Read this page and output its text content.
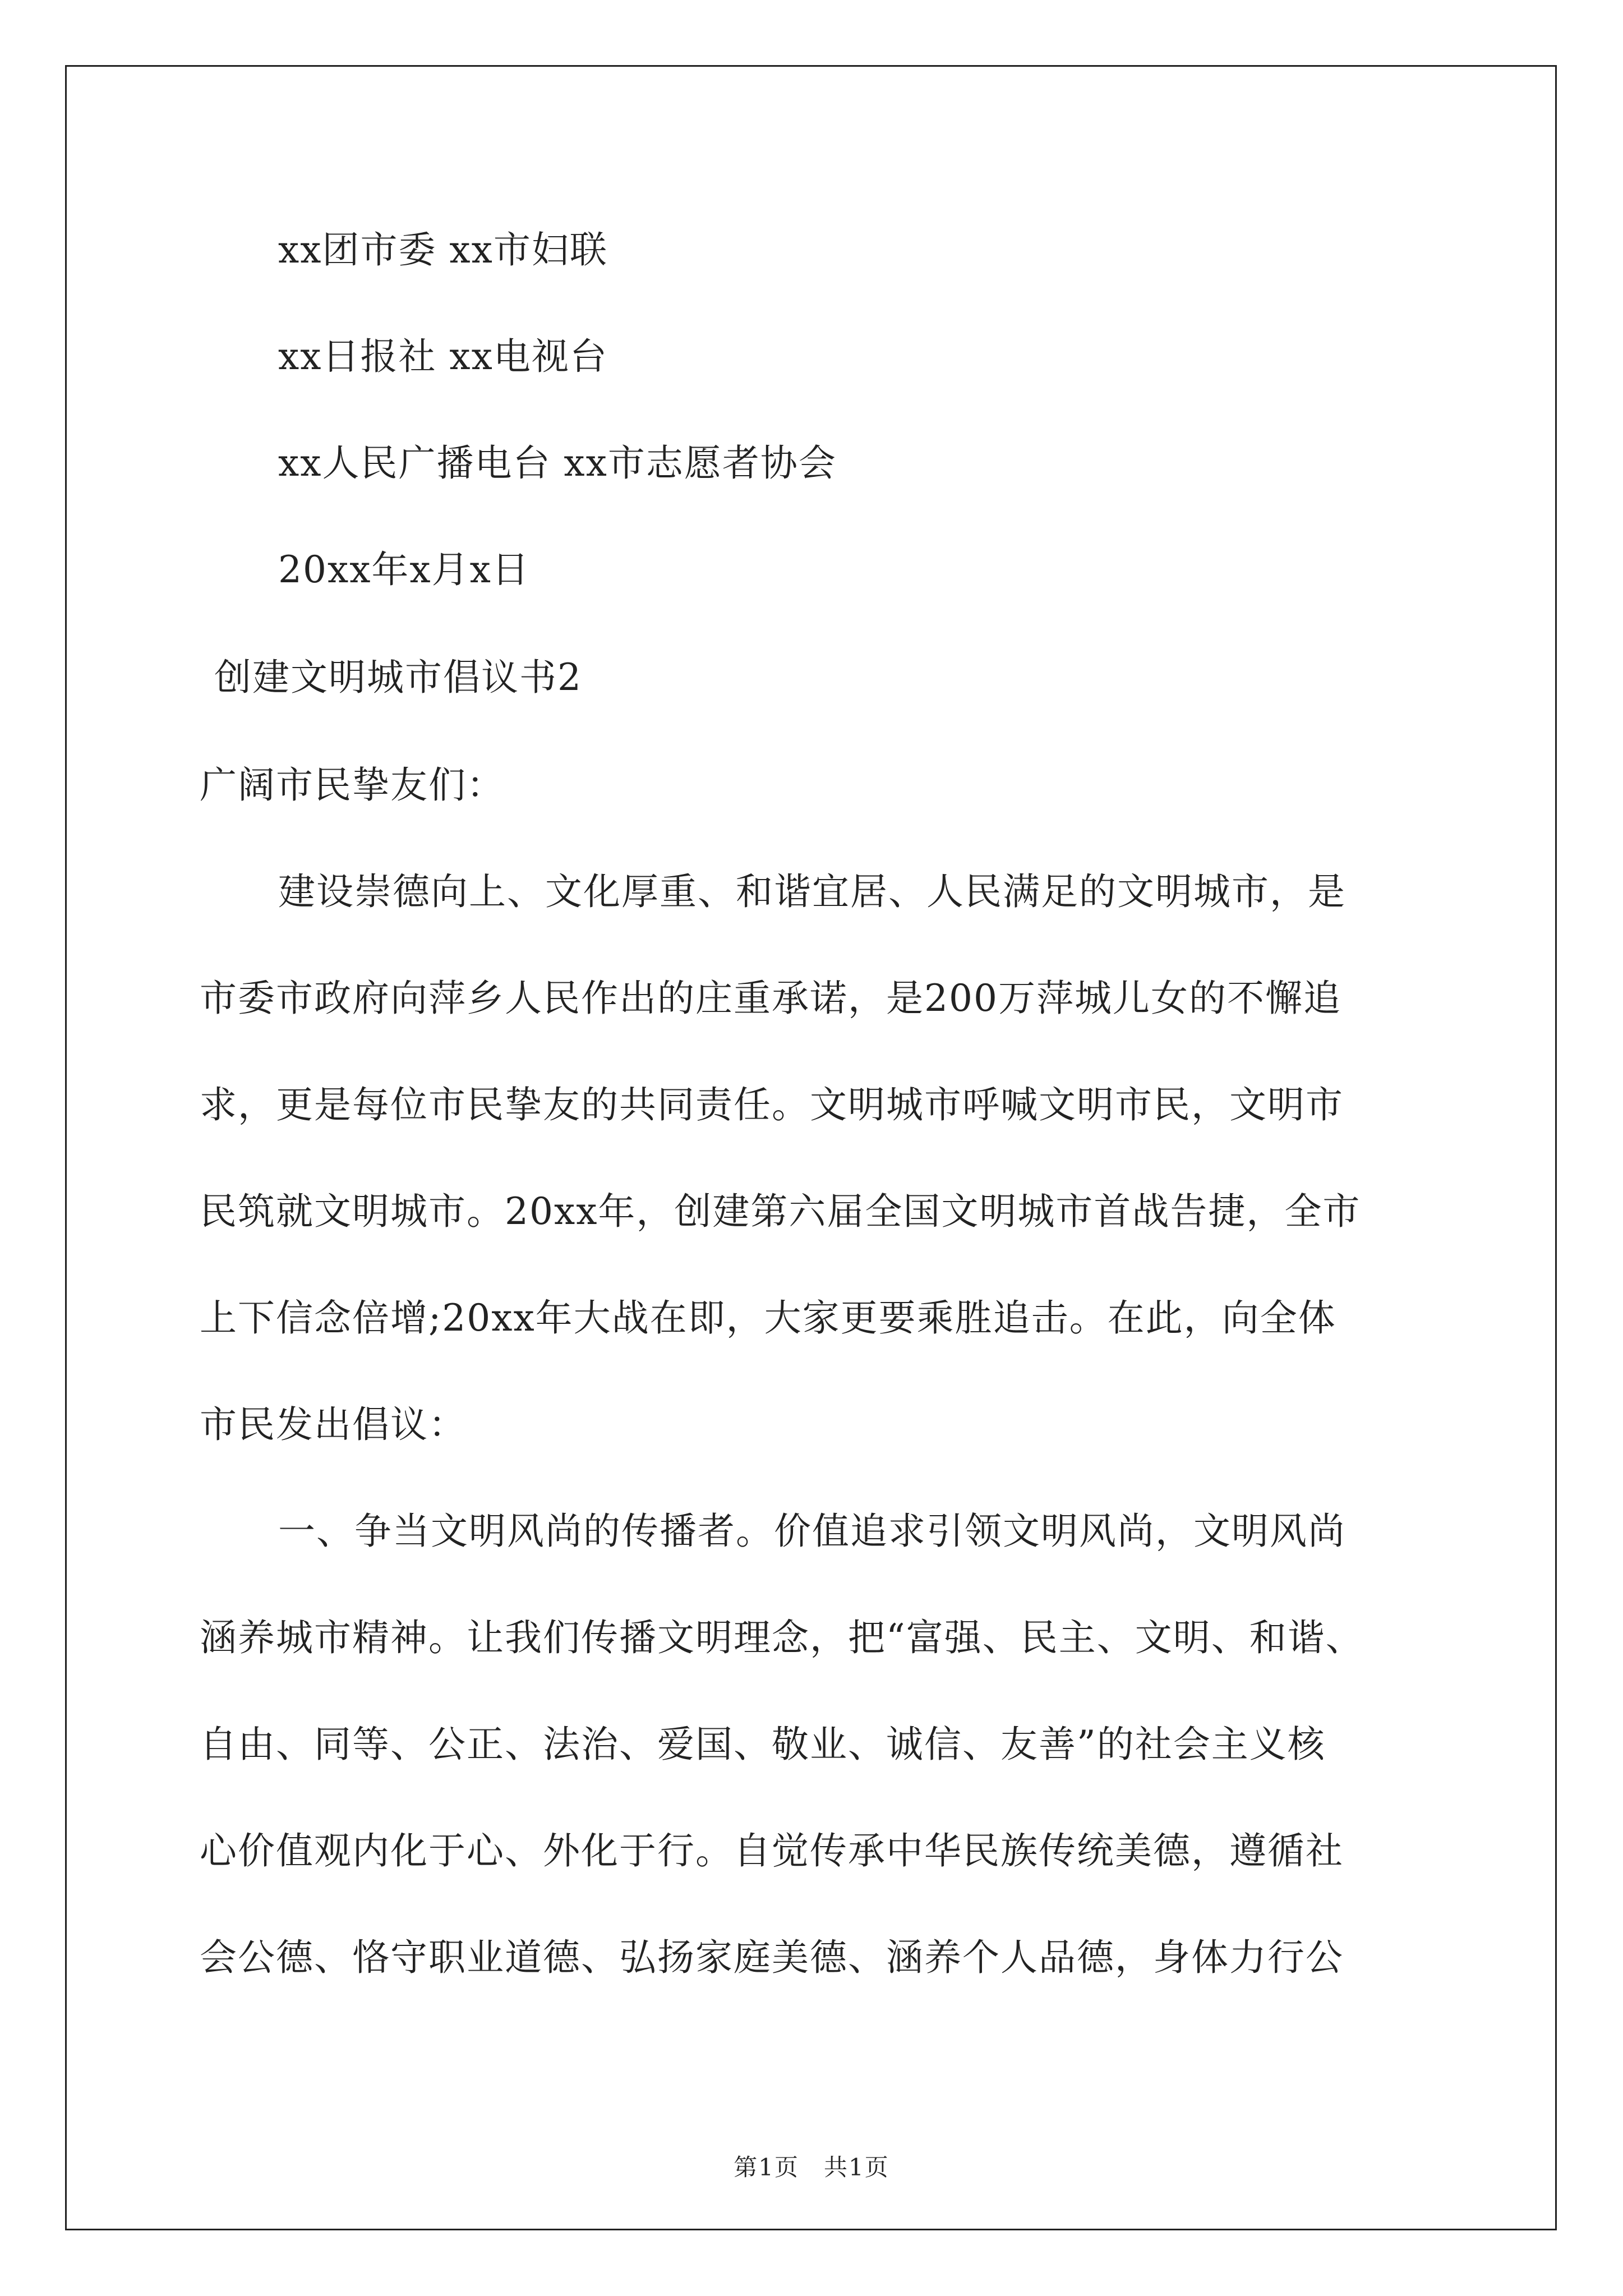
xx团市委 xx市妇联
xx日报社 xx电视台
xx人民广播电台 xx市志愿者协会
20xx年x月x日
创建文明城市倡议书2
广阔市民挚友们：
建设崇德向上、文化厚重、和谐宜居、人民满足的文明城市，是
市委市政府向萍乡人民作出的庄重承诺，是200万萍城儿女的不懈追
求，更是每位市民挚友的共同责任。文明城市呼喊文明市民，文明市
民筑就文明城市。20xx年，创建第六届全国文明城市首战告捷，全市
上下信念倍增;20xx年大战在即，大家更要乘胜追击。在此，向全体
市民发出倡议：
一、争当文明风尚的传播者。价值追求引领文明风尚，文明风尚
涵养城市精神。让我们传播文明理念，把“富强、民主、文明、和谐、
自由、同等、公正、法治、爱国、敬业、诚信、友善”的社会主义核
心价值观内化于心、外化于行。自觉传承中华民族传统美德，遵循社
会公德、恪守职业道德、弘扬家庭美德、涵养个人品德，身体力行公
第1页　共1页
